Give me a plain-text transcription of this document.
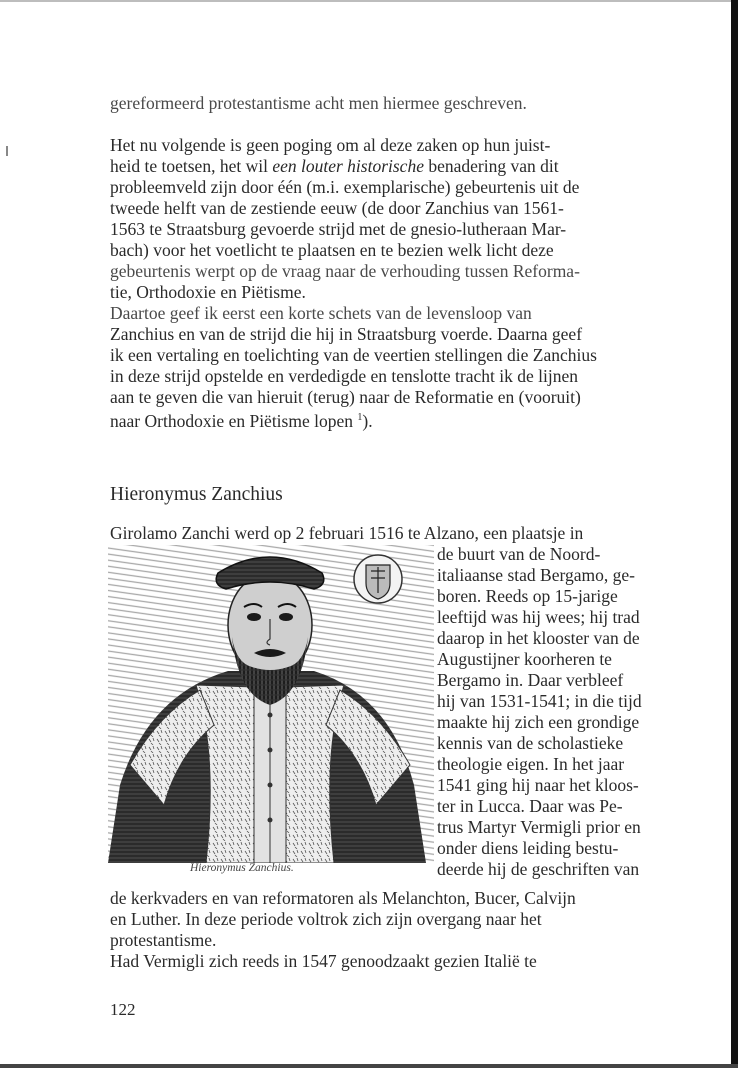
gereformeerd protestantisme acht men hiermee geschreven.

Het nu volgende is geen poging om al deze zaken op hun juist-

heid te toetsen, het wil een louter historische benadering van dit

probleemveld zijn door één (m.i. exemplarische) gebeurtenis uit de

tweede helft van de zestiende eeuw (de door Zanchius van 1561-

1563 te Straatsburg gevoerde strijd met de gnesio-lutheraan Mar-

bach) voor het voetlicht te plaatsen en te bezien welk licht deze

gebeurtenis werpt op de vraag naar de verhouding tussen Reforma-

tie, Orthodoxie en Piëtisme.

Daartoe geef ik eerst een korte schets van de levensloop van

Zanchius en van de strijd die hij in Straatsburg voerde. Daarna geef

ik een vertaling en toelichting van de veertien stellingen die Zanchius

in deze strijd opstelde en verdedigde en tenslotte tracht ik de lijnen

aan te geven die van hieruit (terug) naar de Reformatie en (vooruit)

naar Orthodoxie en Piëtisme lopen $^1$).

Hieronymus Zanchius

Girolamo Zanchi werd op 2 februari 1516 te Alzano, een plaatsje in

de buurt van de Noord-

italiaanse stad Bergamo, ge-

boren. Reeds op 15-jarige

leeftijd was hij wees; hij trad

daarop in het klooster van de

Augustijner koorheren te

Bergamo in. Daar verbleef

hij van 1531-1541; in die tijd

maakte hij zich een grondige

kennis van de scholastieke

theologie eigen. In het jaar

1541 ging hij naar het kloos-

ter in Lucca. Daar was Pe-

trus Martyr Vermigli prior en

onder diens leiding bestu-

deerde hij de geschriften van

Hieronymus Zanchius.

de kerkvaders en van reformatoren als Melanchton, Bucer, Calvijn

en Luther. In deze periode voltrok zich zijn overgang naar het

protestantisme.

Had Vermigli zich reeds in 1547 genoodzaakt gezien Italië te

122
